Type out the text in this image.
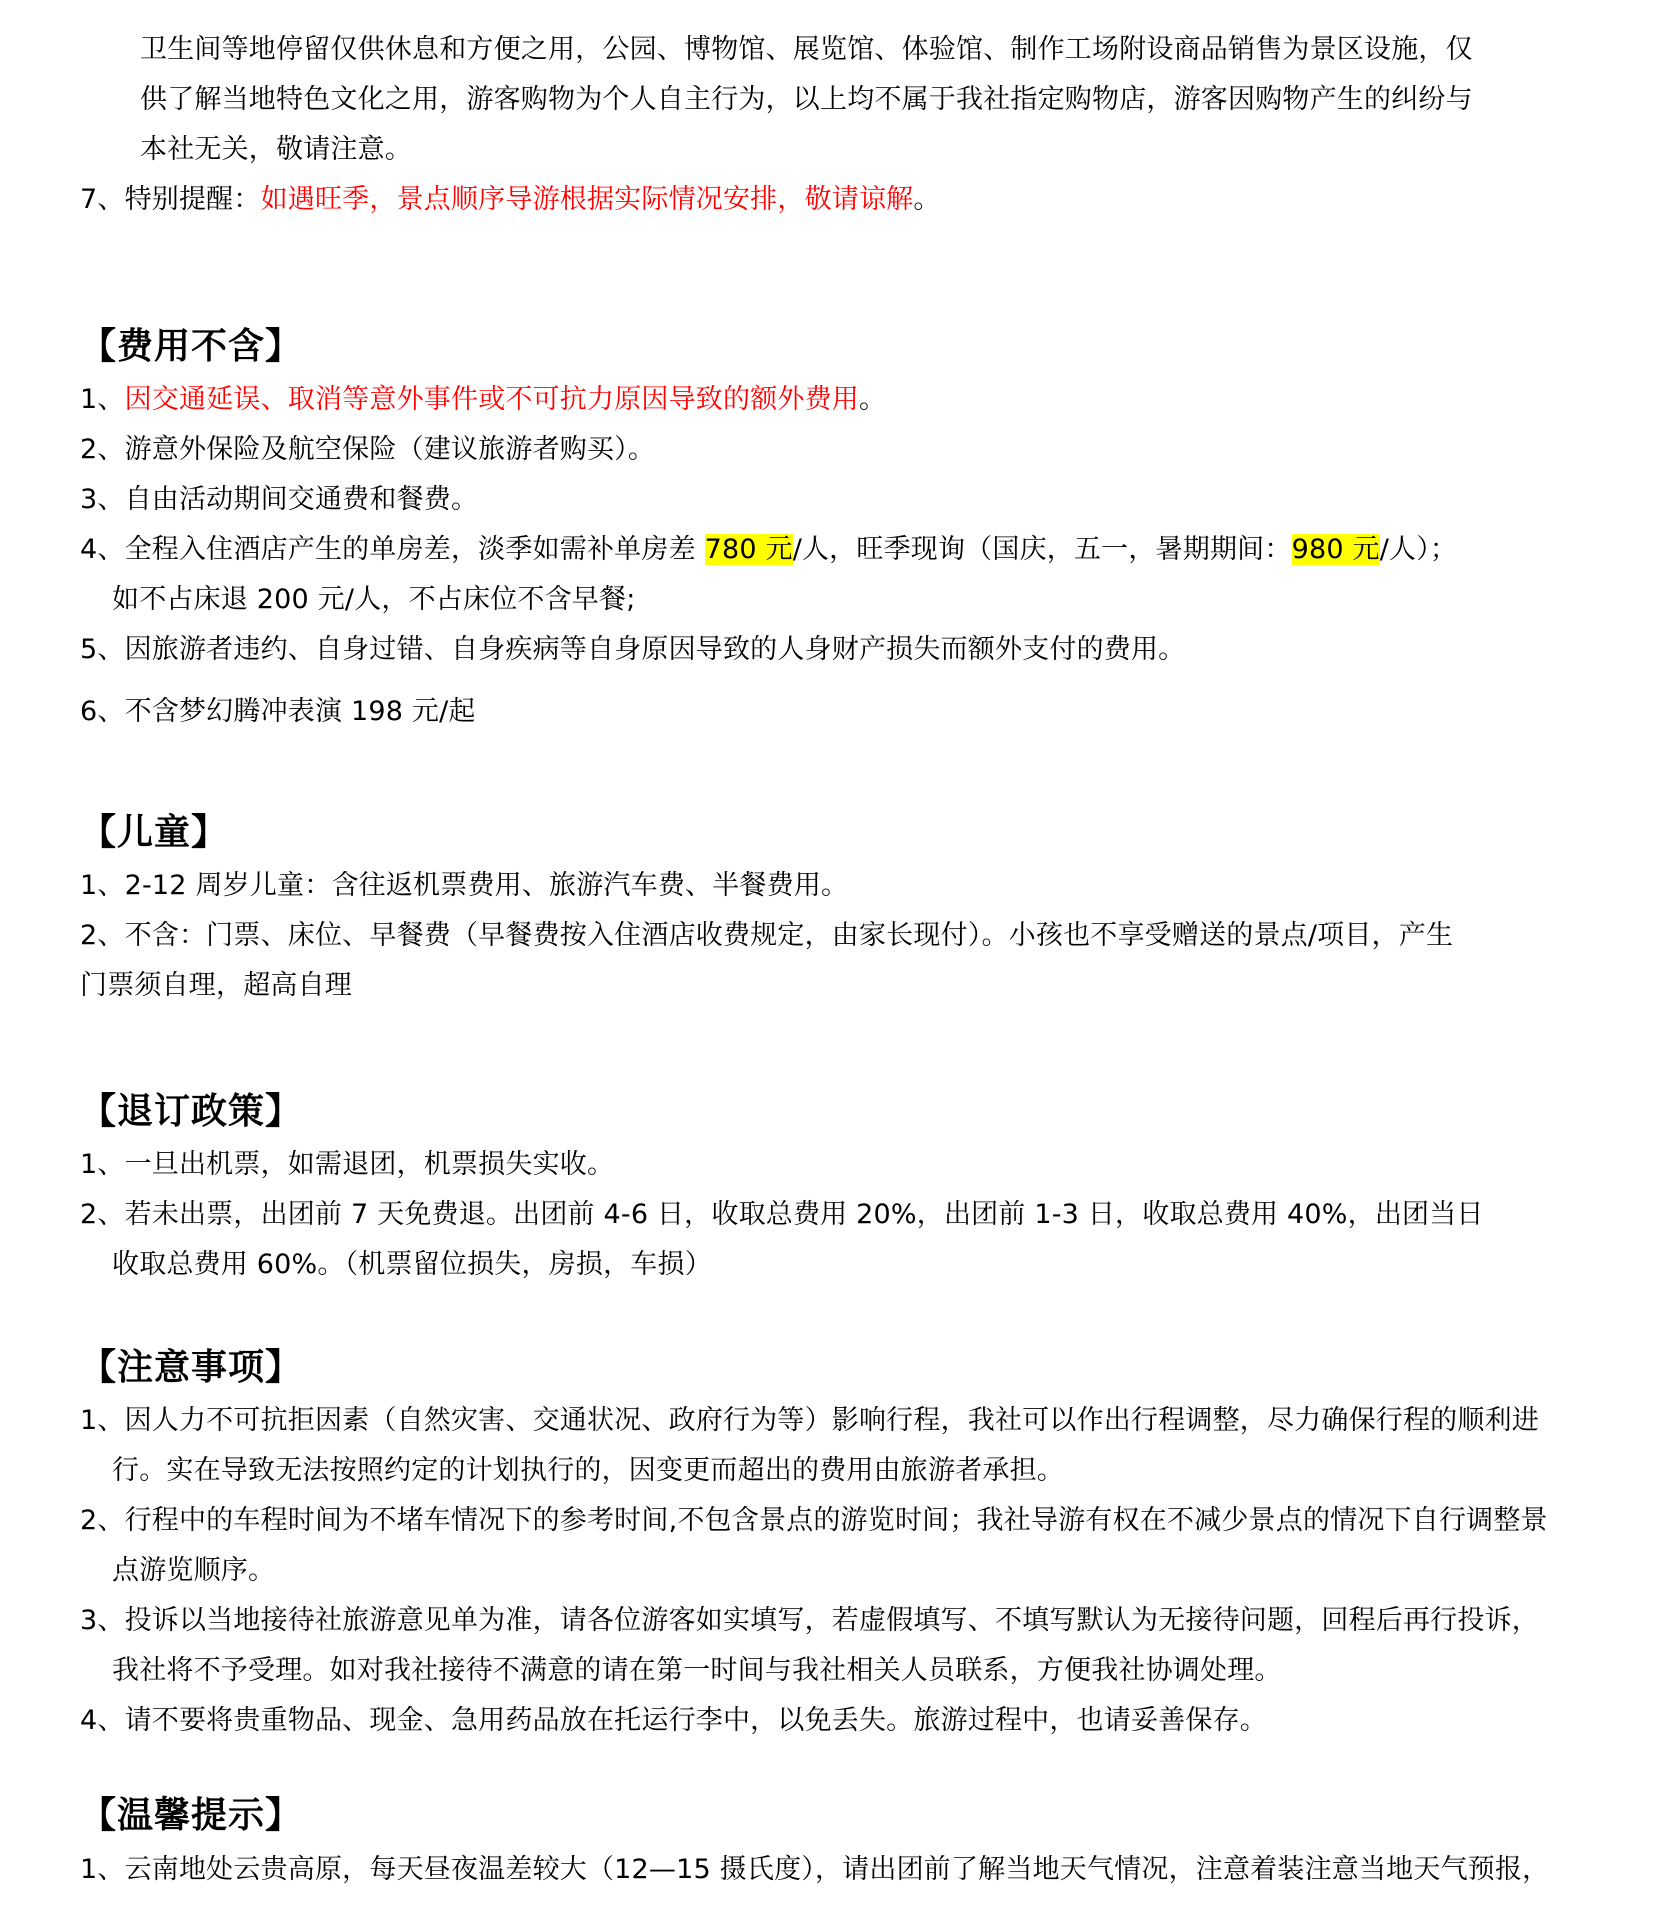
卫生间等地停留仅供休息和方便之用，公园、博物馆、展览馆、体验馆、制作工场附设商品销售为景区设施，仅
供了解当地特色文化之用，游客购物为个人自主行为，以上均不属于我社指定购物店，游客因购物产生的纠纷与
本社无关，敬请注意。
7、特别提醒：如遇旺季，景点顺序导游根据实际情况安排，敬请谅解。
【费用不含】
1、因交通延误、取消等意外事件或不可抗力原因导致的额外费用。
2、游意外保险及航空保险（建议旅游者购买）。
3、自由活动期间交通费和餐费。
4、全程入住酒店产生的单房差，淡季如需补单房差 780 元/人，旺季现询（国庆，五一，暑期期间：980 元/人）；
如不占床退 200 元/人，不占床位不含早餐;
5、因旅游者违约、自身过错、自身疾病等自身原因导致的人身财产损失而额外支付的费用。
6、不含梦幻腾冲表演 198 元/起
【儿童】
1、2-12 周岁儿童：含往返机票费用、旅游汽车费、半餐费用。
2、不含：门票、床位、早餐费（早餐费按入住酒店收费规定，由家长现付）。小孩也不享受赠送的景点/项目，产生
门票须自理，超高自理
【退订政策】
1、一旦出机票，如需退团，机票损失实收。
2、若未出票，出团前 7 天免费退。出团前 4-6 日，收取总费用 20%，出团前 1-3 日，收取总费用 40%，出团当日
收取总费用 60%。（机票留位损失，房损，车损）
【注意事项】
1、因人力不可抗拒因素（自然灾害、交通状况、政府行为等）影响行程，我社可以作出行程调整，尽力确保行程的顺利进
行。实在导致无法按照约定的计划执行的，因变更而超出的费用由旅游者承担。
2、行程中的车程时间为不堵车情况下的参考时间,不包含景点的游览时间；我社导游有权在不减少景点的情况下自行调整景
点游览顺序。
3、投诉以当地接待社旅游意见单为准，请各位游客如实填写，若虚假填写、不填写默认为无接待问题，回程后再行投诉，
我社将不予受理。如对我社接待不满意的请在第一时间与我社相关人员联系，方便我社协调处理。
4、请不要将贵重物品、现金、急用药品放在托运行李中，以免丢失。旅游过程中，也请妥善保存。
【温馨提示】
1、云南地处云贵高原，每天昼夜温差较大（12—15 摄氏度），请出团前了解当地天气情况，注意着装注意当地天气预报，
